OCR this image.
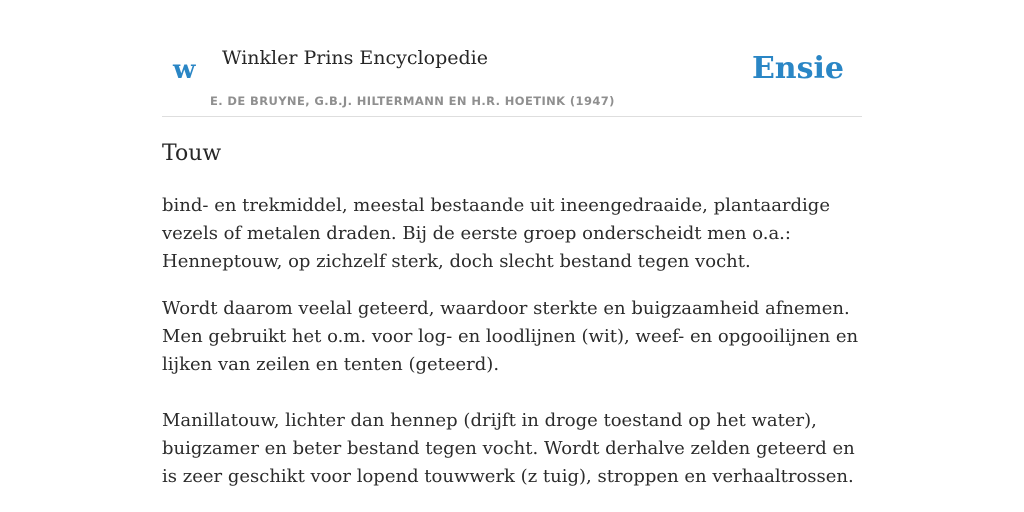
w Winkler Prins Encyclopedie
E. DE BRUYNE, G.B.J. HILTERMANN EN H.R. HOETINK (1947)
Ensie
Touw

bind- en trekmiddel, meestal bestaande uit ineengedraaide, plantaardige vezels of metalen draden. Bij de eerste groep onderscheidt men o.a.: Henneptouw, op zichzelf sterk, doch slecht bestand tegen vocht.

Wordt daarom veelal geteerd, waardoor sterkte en buigzaamheid afnemen. Men gebruikt het o.m. voor log- en loodlijnen (wit), weef- en opgooilijnen en lijken van zeilen en tenten (geteerd).

Manillatouw, lichter dan hennep (drijft in droge toestand op het water), buigzamer en beter bestand tegen vocht. Wordt derhalve zelden geteerd en is zeer geschikt voor lopend touwwerk (z tuig), stroppen en verhaaltrossen.
